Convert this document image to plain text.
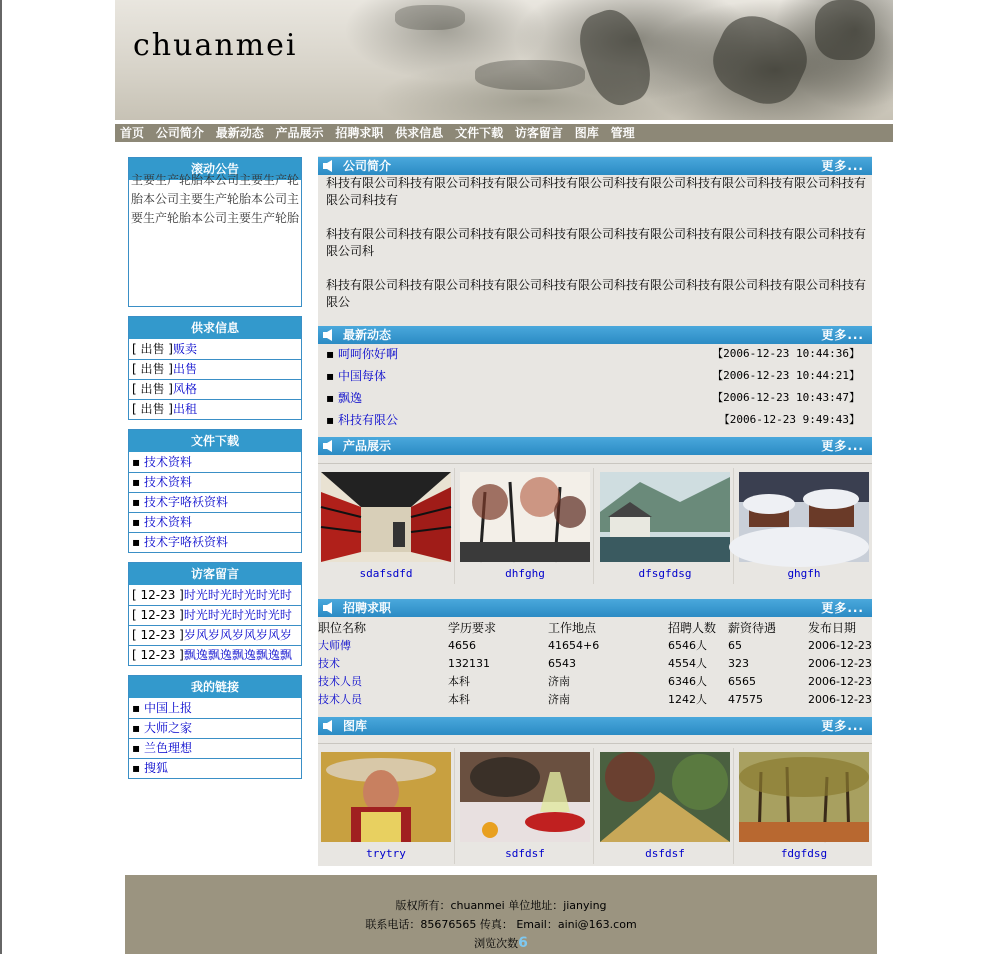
chuanmei
首页 公司简介 最新动态 产品展示 招聘求职 供求信息 文件下载 访客留言 图库 管理
滚动公告
主要生产轮胎本公司主要生产轮胎本公司主要生产轮胎本公司主要生产轮胎本公司主要生产轮胎
供求信息
[ 出售 ]贩卖
[ 出售 ]出售
[ 出售 ]风格
[ 出售 ]出租
文件下载
▪ 技术资料
▪ 技术资料
▪ 技术字咯袄资料
▪ 技术资料
▪ 技术字咯袄资料
访客留言
[ 12-23 ]时光时光时光时光时
[ 12-23 ]时光时光时光时光时
[ 12-23 ]岁风岁风岁风岁风岁
[ 12-23 ]飘逸飘逸飘逸飘逸飘
我的链接
▪ 中国上报
▪ 大师之家
▪ 兰色理想
▪ 搜狐
公司简介	更多...

科技有限公司科技有限公司科技有限公司科技有限公司科技有限公司科技有限公司科技有限公司科技有限公司科技有

科技有限公司科技有限公司科技有限公司科技有限公司科技有限公司科技有限公司科技有限公司科技有限公司科

科技有限公司科技有限公司科技有限公司科技有限公司科技有限公司科技有限公司科技有限公司科技有限公

最新动态	更多...
▪ 呵呵你好啊	【2006-12-23 10:44:36】
▪ 中国每体	【2006-12-23 10:44:21】
▪ 飘逸	【2006-12-23 10:43:47】
▪ 科技有限公	【2006-12-23 9:49:43】
产品展示	更多...
sdafsdfd	dhfghg	dfsgfdsg	ghgfh
招聘求职	更多...
职位名称	学历要求	工作地点	招聘人数 薪资待遇	发布日期
大师傅	4656	41654+6	6546人 65	2006-12-23
技术	132131	6543	4554人 323	2006-12-23
技术人员	本科	济南	6346人 6565	2006-12-23
技术人员	本科	济南	1242人 47575	2006-12-23
图库	更多...
trytry	sdfdsf	dsfdsf	fdgfdsg
版权所有：chuanmei 单位地址：jianying
联系电话：85676565 传真： Email：aini@163.com
浏览次数6
